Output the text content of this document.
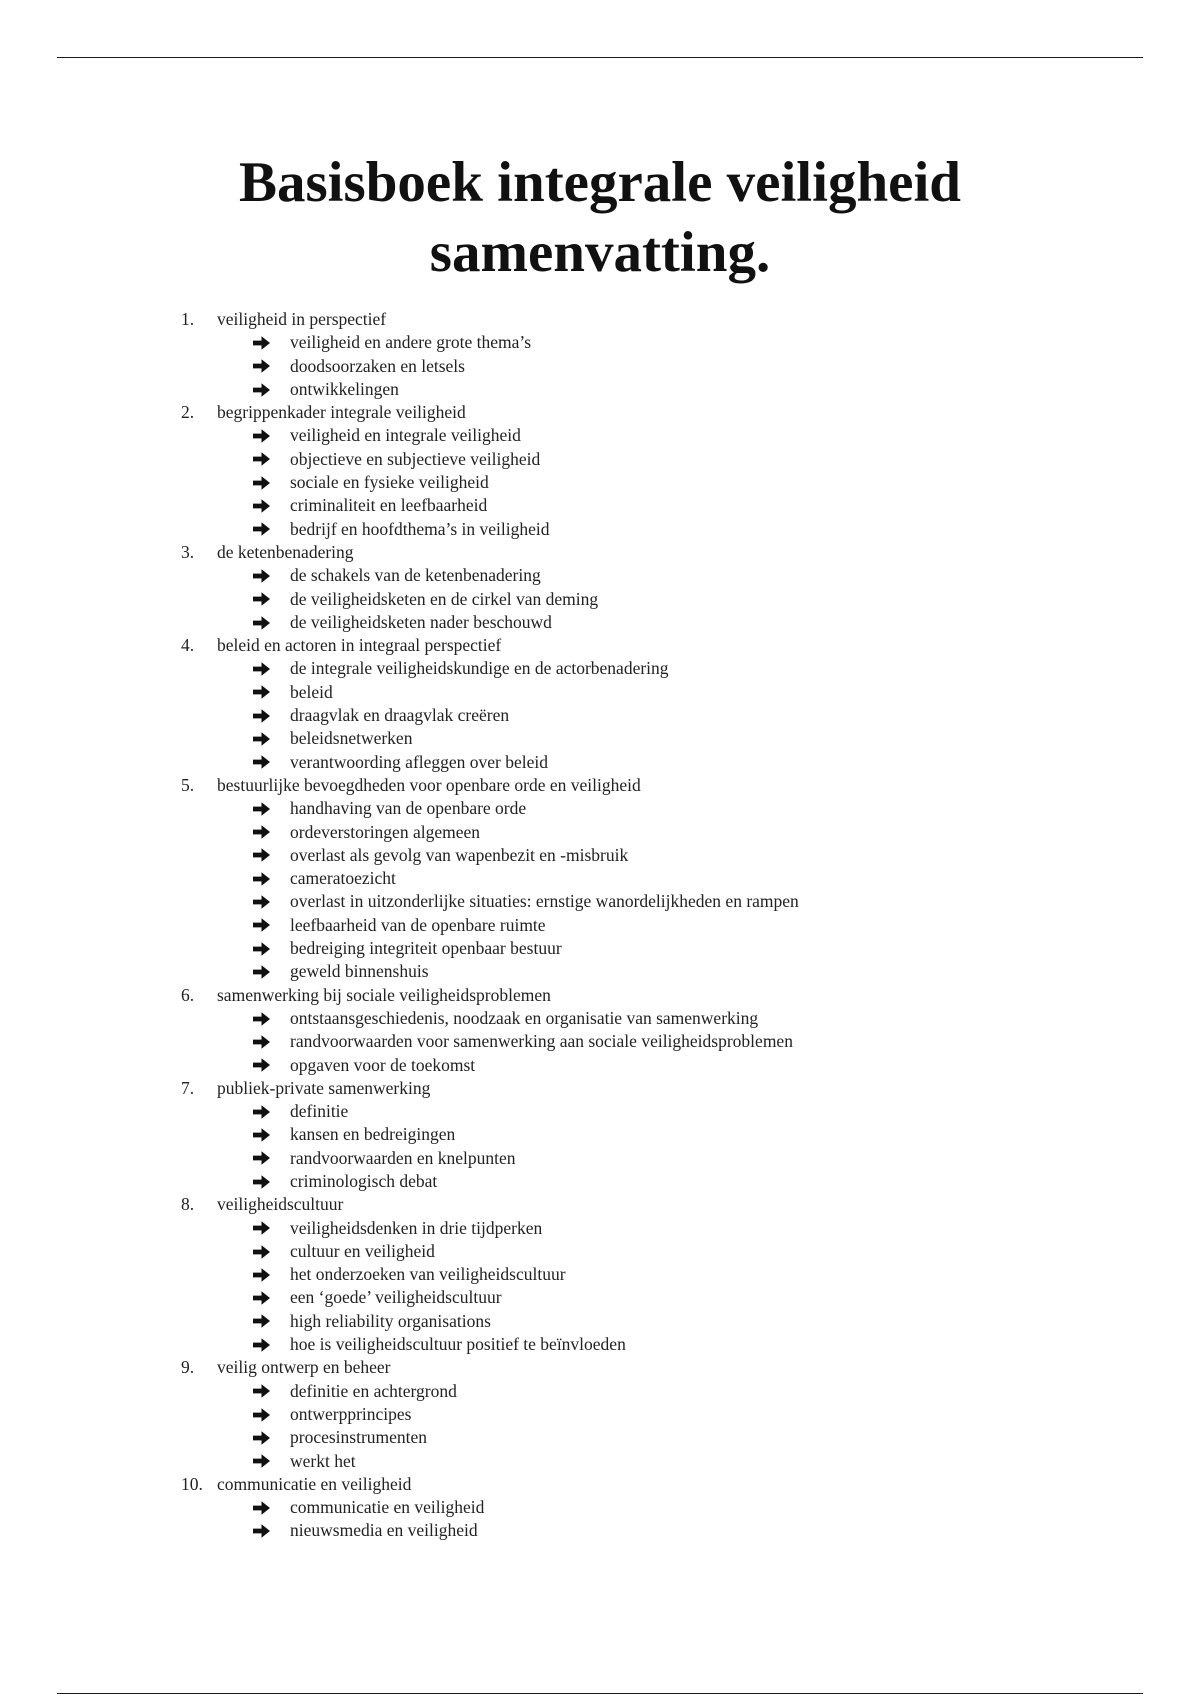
Basisboek integrale veiligheid
samenvatting.
1.	veiligheid in perspectief
veiligheid en andere grote thema’s
doodsoorzaken en letsels
ontwikkelingen
2.	begrippenkader integrale veiligheid
veiligheid en integrale veiligheid
objectieve en subjectieve veiligheid
sociale en fysieke veiligheid
criminaliteit en leefbaarheid
bedrijf en hoofdthema’s in veiligheid
3.	de ketenbenadering
de schakels van de ketenbenadering
de veiligheidsketen en de cirkel van deming
de veiligheidsketen nader beschouwd
4.	beleid en actoren in integraal perspectief
de integrale veiligheidskundige en de actorbenadering
beleid
draagvlak en draagvlak creëren
beleidsnetwerken
verantwoording afleggen over beleid
5.	bestuurlijke bevoegdheden voor openbare orde en veiligheid
handhaving van de openbare orde
ordeverstoringen algemeen
overlast als gevolg van wapenbezit en -misbruik
cameratoezicht
overlast in uitzonderlijke situaties: ernstige wanordelijkheden en rampen
leefbaarheid van de openbare ruimte
bedreiging integriteit openbaar bestuur
geweld binnenshuis
6.	samenwerking bij sociale veiligheidsproblemen
ontstaansgeschiedenis, noodzaak en organisatie van samenwerking
randvoorwaarden voor samenwerking aan sociale veiligheidsproblemen
opgaven voor de toekomst
7.	publiek-private samenwerking
definitie
kansen en bedreigingen
randvoorwaarden en knelpunten
criminologisch debat
8.	veiligheidscultuur
veiligheidsdenken in drie tijdperken
cultuur en veiligheid
het onderzoeken van veiligheidscultuur
een ‘goede’ veiligheidscultuur
high reliability organisations
hoe is veiligheidscultuur positief te beïnvloeden
9.	veilig ontwerp en beheer
definitie en achtergrond
ontwerpprincipes
procesinstrumenten
werkt het
10. communicatie en veiligheid
communicatie en veiligheid
nieuwsmedia en veiligheid
